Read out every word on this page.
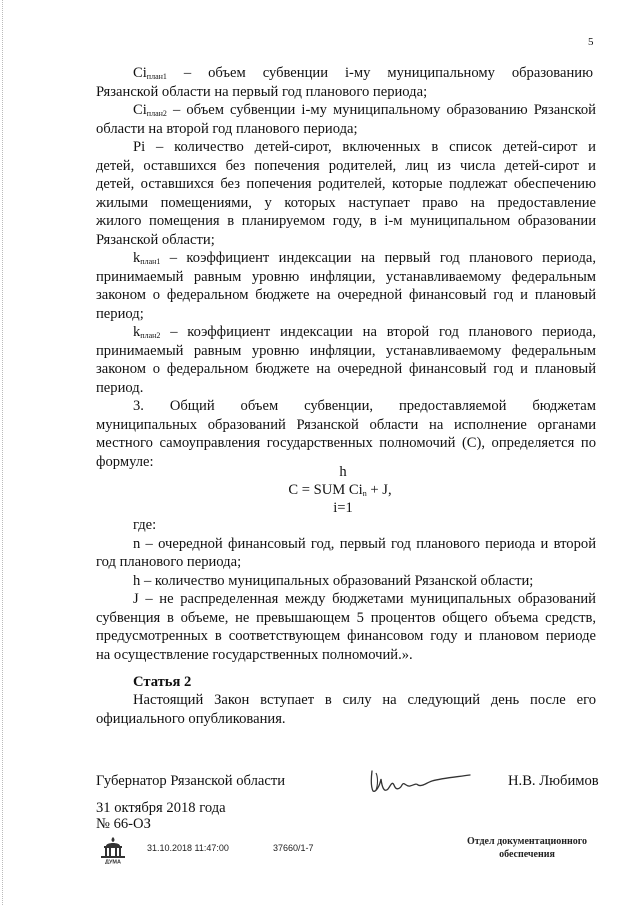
5
$Ci_{план1}$ – объем субвенции i-му муниципальному образованию
Рязанской области на первый год планового периода;
$Ci_{план2}$ – объем субвенции i-му муниципальному образованию Рязанской
области на второй год планового периода;
Pi – количество детей-сирот, включенных в список детей-сирот и
детей, оставшихся без попечения родителей, лиц из числа детей-сирот и
детей, оставшихся без попечения родителей, которые подлежат обеспечению
жилыми помещениями, у которых наступает право на предоставление
жилого помещения в планируемом году, в i-м муниципальном образовании
Рязанской области;
$k_{план1}$ – коэффициент индексации на первый год планового периода,
принимаемый равным уровню инфляции, устанавливаемому федеральным
законом о федеральном бюджете на очередной финансовый год и плановый
период;
$k_{план2}$ – коэффициент индексации на второй год планового периода,
принимаемый равным уровню инфляции, устанавливаемому федеральным
законом о федеральном бюджете на очередной финансовый год и плановый
период.
3. Общий объем субвенции, предоставляемой бюджетам
муниципальных образований Рязанской области на исполнение органами
местного самоуправления государственных полномочий (С), определяется по
формуле:
h
C = SUM $Ci_n + J$,
i=1
где:
n – очередной финансовый год, первый год планового периода и второй
год планового периода;
h – количество муниципальных образований Рязанской области;
J – не распределенная между бюджетами муниципальных образований
субвенция в объеме, не превышающем 5 процентов общего объема средств,
предусмотренных в соответствующем финансовом году и плановом периоде
на осуществление государственных полномочий.».
Статья 2
Настоящий Закон вступает в силу на следующий день после его
официального опубликования.
Губернатор Рязанской области	Н.В. Любимов
31 октября 2018 года
№ 66-ОЗ
ДУМА
31.10.2018 11:47:00	37660/1-7
Отдел документационного
обеспечения
